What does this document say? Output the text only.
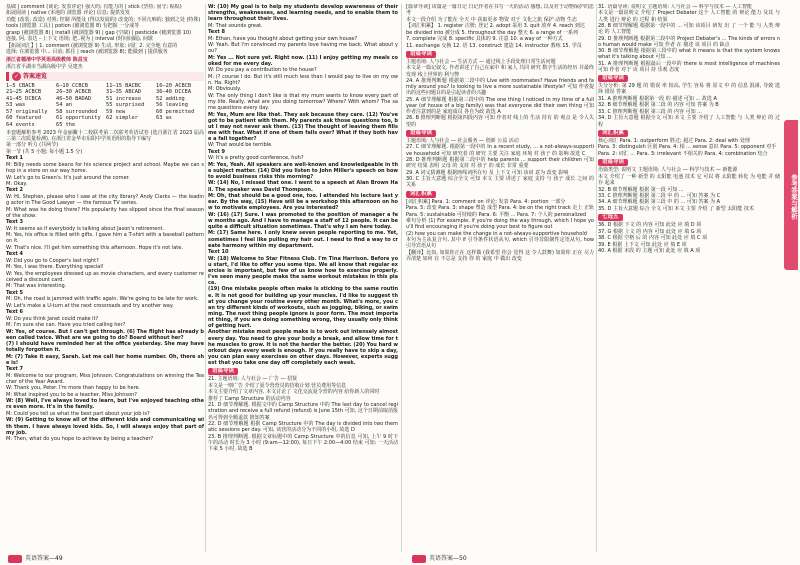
基础 | comment (谈论; 发表评论) 强大的; 有能力的 | stick (坚持; 固守; 粘贴)

拓展阅读 | native (本地的 浏览器 评论) 信息; 提供发发

功能 (改装; 改造) 对照; 控制 所能及 (得以发展的) 改变的; 不同凡响的; 独到之处 (特殊)

tools (浏览器 工具) | potion (被浏览器 8) 有把握 一分成等

grasp (被浏览器 8) | install (被浏览器 9) | gap (空缺) | pesticide (被浏览器 10)

连接, 阿, 表达 - 上下文 语境; 把..视为 | interval (时间间隔), 间歇

【拓展词汇】| 1. comment (被浏览器 9) 生动, 形象; 词汇 2. 完全地 有意的

选择; 在浏览器 中... 目前; 抓住 | reach (被浏览器 8); 能做到 | 提供服务

浙江省德清中学英语高级教师 陈昌宝

浙江省平湖市当湖高级中学 吴建杰

✓ 答案速览
1—5 CBACB	6—10 CCBCB	11—15 BACBC	16—20 ACBCB
21—25 ACBCB	26—30 ACBCB	31—35 ABCAD	36—40 DCCEA
41—45 DCBCA	46—50 BADAD	51 increase	52 adding
53 was	54 an	55 surprised	56 leaving
57 originally	58 surrounded	59 new	60 permitted
60 featured	61 opportunity	62 simpler	63 as
64 events	65 the

本套题解析参考 2023 年金丽衢十二校联考第二次联考英语试卷 (选自浙江省 2023 届高三第二次质量检测). 在浙江省金华市东阳中学英语组的指导下编写

第一部分 听力 (共两节)

第一节 (共 5 小题; 每小题 1.5 分)

Text 1

M: Billy needs some beans for his science project and school. Maybe we can shop in a store on our way home.

W: Let's go to Green's. It's just around the corner.

M: Okay.

Text 2

W: Hi, Stephen, please who I saw at the city library? Andy Clarks — the leading actor in The Good Lawyer — the famous TV series.

M: What was he doing there? His popularity has slipped since the final season of the show.

Text 3

W: It seems as if everybody is talking about Jason's retirement.

M: Yes, his office is filled with gifts. I gave him a T-shirt with a baseball pattern on it.

W: That's nice. I'll get him something this afternoon. Hope it's not late.

Text 4

W: Did you go to Cooper's last night?

M: Yes, I was there. Everything special!

W: Yes, the employees dressed up as movie characters, and every customer received a discount card.

M: That was interesting.

Text 5

M: Oh, the road is jammed with traffic again. We're going to be late for work.

W: Let's make a U-turn at the next crossroads and try another way.

Text 6

W: Do you think Janet could make it?

M: I'm sure she can. Have you tried calling her?

W: Yes, of course. But I can't get through. (6) The flight has already been called twice. What are we going to do? Board without her?

(7) I should have reminded her at the office yesterday. She may have totally forgotten it.

M: (7) Take it easy, Sarah. Let me call her home number. Oh, there she is!

Text 7

M: Welcome to our program, Miss Johnson. Congratulations on winning the Teacher of the Year Award.

W: Thank you, Peter. I'm more than happy to be here.

M: What inspired you to be a teacher, Miss Johnson?

W: (8) Well, I've always loved to learn, but I've enjoyed teaching others even more. It's in the family.

M: Could you tell us what the best part about your job is?

W: (9) Getting to know all of the different kids and communicating with them. I have always loved kids. So, I will always enjoy that part of my job.

M: Then, what do you hope to achieve by being a teacher?

W: (10) My goal is to help my students develop awareness of their strengths, weaknesses, and learning needs, and to enable them to learn throughout their lives.

M: That sounds great.

Text 8

M: Ethan, have you thought about getting your own house?

W: Yeah. But I'm convinced my parents love having me back. What about you?

M: Yes ... Not sure yet. Right now. (11) I enjoy getting my meals cooked for me every day.

W: Do you pay a contribution to the house?

M: (? course I do. But it's still much less than I would pay to live on my own. Ha. Right?

M: Obviously.

W: The only thing I don't like is that my mum wants to know every part of my life. Really, what are you doing tomorrow? Where? With whom? The same questions every day.

M: Yes, Mum are like that. They ask because they care. (12) You've got to be patient with them. My parents ask those questions too, but I may not never ask them. (13) The thought of leaving them fills me with fear. What if one of them falls over? What if they both have a fall together?

W: That would be terrible.

Text 9

W: It's a pretty good conference, huh?

M: Yes, Yeah. All speakers are well-known and knowledgeable in the subject matter. (14) Did you listen to John Miller's speech on how to avoid business risks this morning?

W: (14) No, I missed that one. I went to a speech at Alan Brown Hall. The speaker was David Thompson.

M: Oh, that should be a good one, too. I attended his lecture last year. By the way, (15) Have will be a workshop this afternoon on how to motivate employees. Are you interested?

W: (16) (17) Sure. I was promoted to the position of manager a few months ago. And I have to manage a staff of 12 people. It can be quite a difficult situation sometimes. That's why I am here today.

M: (17) Same here. I only knew seven people reporting to me. Yet, sometimes I feel like pulling my hair out. I need to find a way to create harmony within my department.

Text 10

W: (18) Welcome to Star Fitness Club. I'm Tina Harrison. Before you start, I'd like to offer you some tips. We all know that regular exercise is important, but few of us know how to exercise properly. I've seen many people make the same workout mistakes in this place.

(19) One mistake people often make is sticking to the same routine. It is not good for building up your muscles. I'd like to suggest that you change your routine every other month. What's more, you can try different kinds of workouts, such as jogging, biking, or swimming. The next thing people ignore is poor form. The most important thing, if you are doing something wrong, they usually only think of getting hurt.

Another mistake most people make is to work out intensely almost every day. You need to give your body a break, and allow time for the muscles to grow. It is not the harder the better. (20) You hard workout days every week is enough. If you really have to skip a day, you can plan easy exercises on other days. However, experts suggest that you take one day off completely each week.

语篇导读

21. 主题语境: 人与社会 — 广告 — 招贤

本文是一则广告 介绍了夏令营营员的招收计划 营员费用等信息

本文主要介绍了文章内容, 本文讨论了 文化交流夏令营的内容 给你新人的同时

推荐了 Camp Structure 的活动内容

21. D 细节理解题. 根据文中的 Camp Structure 中的 The last day to cancel registration and receive a full refund (refund) is June 15th 可知, 这个日期前取消报名可得到全额退款 推知答案

22. D 细节理解题 根据 Camp Structure 中的 The day is divided into two thematic sessions per day. 可知, 该营的活动分为不同的小组, 故选 D

23. B 推理判断题. 根据文章标题中的 Camp Structure 中的信息 可知, 上午 9 时下午的活动 时长为 3 小时 (9:am—12:00), 每日下午 2:00—4:00 结束 可知: 一天活动下来 5 小时, 故选 B

[篇章导读] 该篇是一篇日记 日记作者在书写一天的活动 感想, 以及对于动物保护的思考

本文一段介绍 为了能在 全天 中 获取更多 物资 对于 文化之旅 保护 动物 生态

【词汇积累】 1. register 注册; 登记 2. adopt 采用 3. quit 放弃 4. reach 到达

be divided into 被分成 5. throughout the day 整天 6. a range of 一系列

7. complete 完成 8. specific 具体的 9. 注意 10. a way of 一种方式

11. exchange 交换 12. 语 13. construct 建造 14. instructor 教练 15. 学员

语篇导读

主题语境: 人与社会 — 生活方式 — 通过线上手段处理日常生活问题

本文是一篇记叙文, 作者讲述了自己在家中 和 家人 共同 研究 数字生活的经历 并最终 发现 线上世界的 利与弊

24. A 推理判断题 根据第二段中的 Live with roommates? Have friends and family around you? Is looking to live a more sustainable lifestyle? 可知 作者提出的这些问题目的是引起读者的兴趣

25. A 细节理解题 根据第三段中的 The one thing I noticed in my time of a full year (of house of a big family) was that everyone did their own thing 可知 作者注意到的是 家庭成员 各自为政 故选 A

26. B 推理判断题 根据第四段内容 可知 作者对 线上的 生活 持有 的 观点 是 令人失望的

语篇导读

主题语境: 人与社会 — 社会服务 — 创新 公益 活动

27. C 细节理解题. 根据第一段中的 In a recent study, ... a not-always-supportive household 可知 研究者 的 研究 主要 关注 家庭 环境 对 孩子 的 影响 故选 C

28. D 推理判断题 根据第二段中的 help parents ... support their children 可知 研究 结果 表明 父母 的 支持 对 孩子 的 成长 非常 重要

29. A 词义猜测题 根据画线词所在句 及 上下文 可知 该词 意为 改变 影响

30. C 主旨大意题 综合全文 可知 本文 主要 讲述了 家庭 支持 与 孩子 成长 之间 的 关系

词汇积累

[词汇积累] Para. 1: comment on 评论; 发表 Para. 4: portion 一部分

Para. 5: 改变 Para. 3: shape 塑造 成型 Para. 4: be on the right track 走上 正轨

Para. 5: sustainable 可持续的 Para. 6: 平衡 ... Para. 7: 个人的 personalized

难句分析 (1) For example, if you're doing the way through, which I hope you'll find encouraging if you're doing your best to figure out

(2) how you can make the change in a not-always-supportive household

本句为主从复合句, 其中 if 引导条件状语从句, which 引导非限制性定语从句, how 引导宾语从句

【翻译】比如, 如果你正在 这样做 (我希望 你会 觉得 这 令人鼓舞) 如果你 正在 尽力 弄清楚 如何 在 不总是 支持 你 的 家庭 中 做出 改变

31. 语篇导读: 说明文 主题语境: 人与社会 — 科学与技术 — 人工智能

本文是一篇说明文 介绍了 Project Debater 这个 人工智能 的 辩论 能力 及其 与 人类 进行 辩论 的 过程 和 结果

28. B 细节理解题 根据第一段中的 ... 可知 该项目 研发 出 了 一个 能 与 人类 辩论 的 人工智能

29. D 推理判断题 根据第二段中的 Project Debater's ... The kinds of errors no human would make 可知 作者 在 描述 该 项目 的 缺点

30. B 细节理解题 根据第三段中的 what it means is that the system knows what it's talking about 可知 ...

31. A 推理判断题 根据最后一段中的 there is most intelligence of machines 可知 作者 对于 该 项目 持 乐观 态度

语篇导读

失分分析: 第 29 题 的 错误 率 较高, 学生 容易 将 原文 中 的 信息 混淆, 导致 选择 错误 答案

31. A 推理判断题 根据第一段 的 描述 可知 ... 故选 A

32. B 细节理解题 根据 第二段 的 内容 可知 答案 为 B

33. C 推理判断题 根据 第三段 的 内容 可知 ...

34. D 主旨大意题 根据全文 可知 本文 主要 介绍了 人工智能 与 人类 辩论 的 过程

词汇积累

核心词汇 Para. 1: outperform 胜过; 超过 Para. 2: deal with 处理

Para. 3: distinguish 区别 Para. 4: 相 ... sense 意识 Para. 5: opponent 对手

Para. 2: 词汇 ... Para. 3: irrelevant 不相关的 Para. 4: combination 结合

语篇导读

语篇类型: 说明文 主题语境: 人与社会 — 科学与技术 — 新能源

本文 介绍了 一种 新型 的 太阳能 电池 技术 它 可以 将 太阳能 转化 为 电能 并 储存 起来

32. B 细节理解题 根据 第一段 可知 ...

33. C 推理判断题 根据 第二段 中 的 ... 可知 答案 为 C

34. A 细节理解题 根据 第三段 中 的 ... 可知 答案 为 A

35. D 主旨大意题 综合 全文 可知 本文 主要 介绍 了 新型 太阳能 技术

七选五

36. D 根据 下文 的 内容 可知 此处 应 填 D 项

37. G 根据 上文 的 内容 可知 此处 应 填 G 项

38. C 根据 空格 后 的 内容 可知 此处 应 填 C 项

39. E 根据 上下文 可知 此处 应 填 E 项

40. A 根据 本段 的 主题 可知 此处 应 填 A 项

参考答案与解析
英语答案—49	英语答案—50
